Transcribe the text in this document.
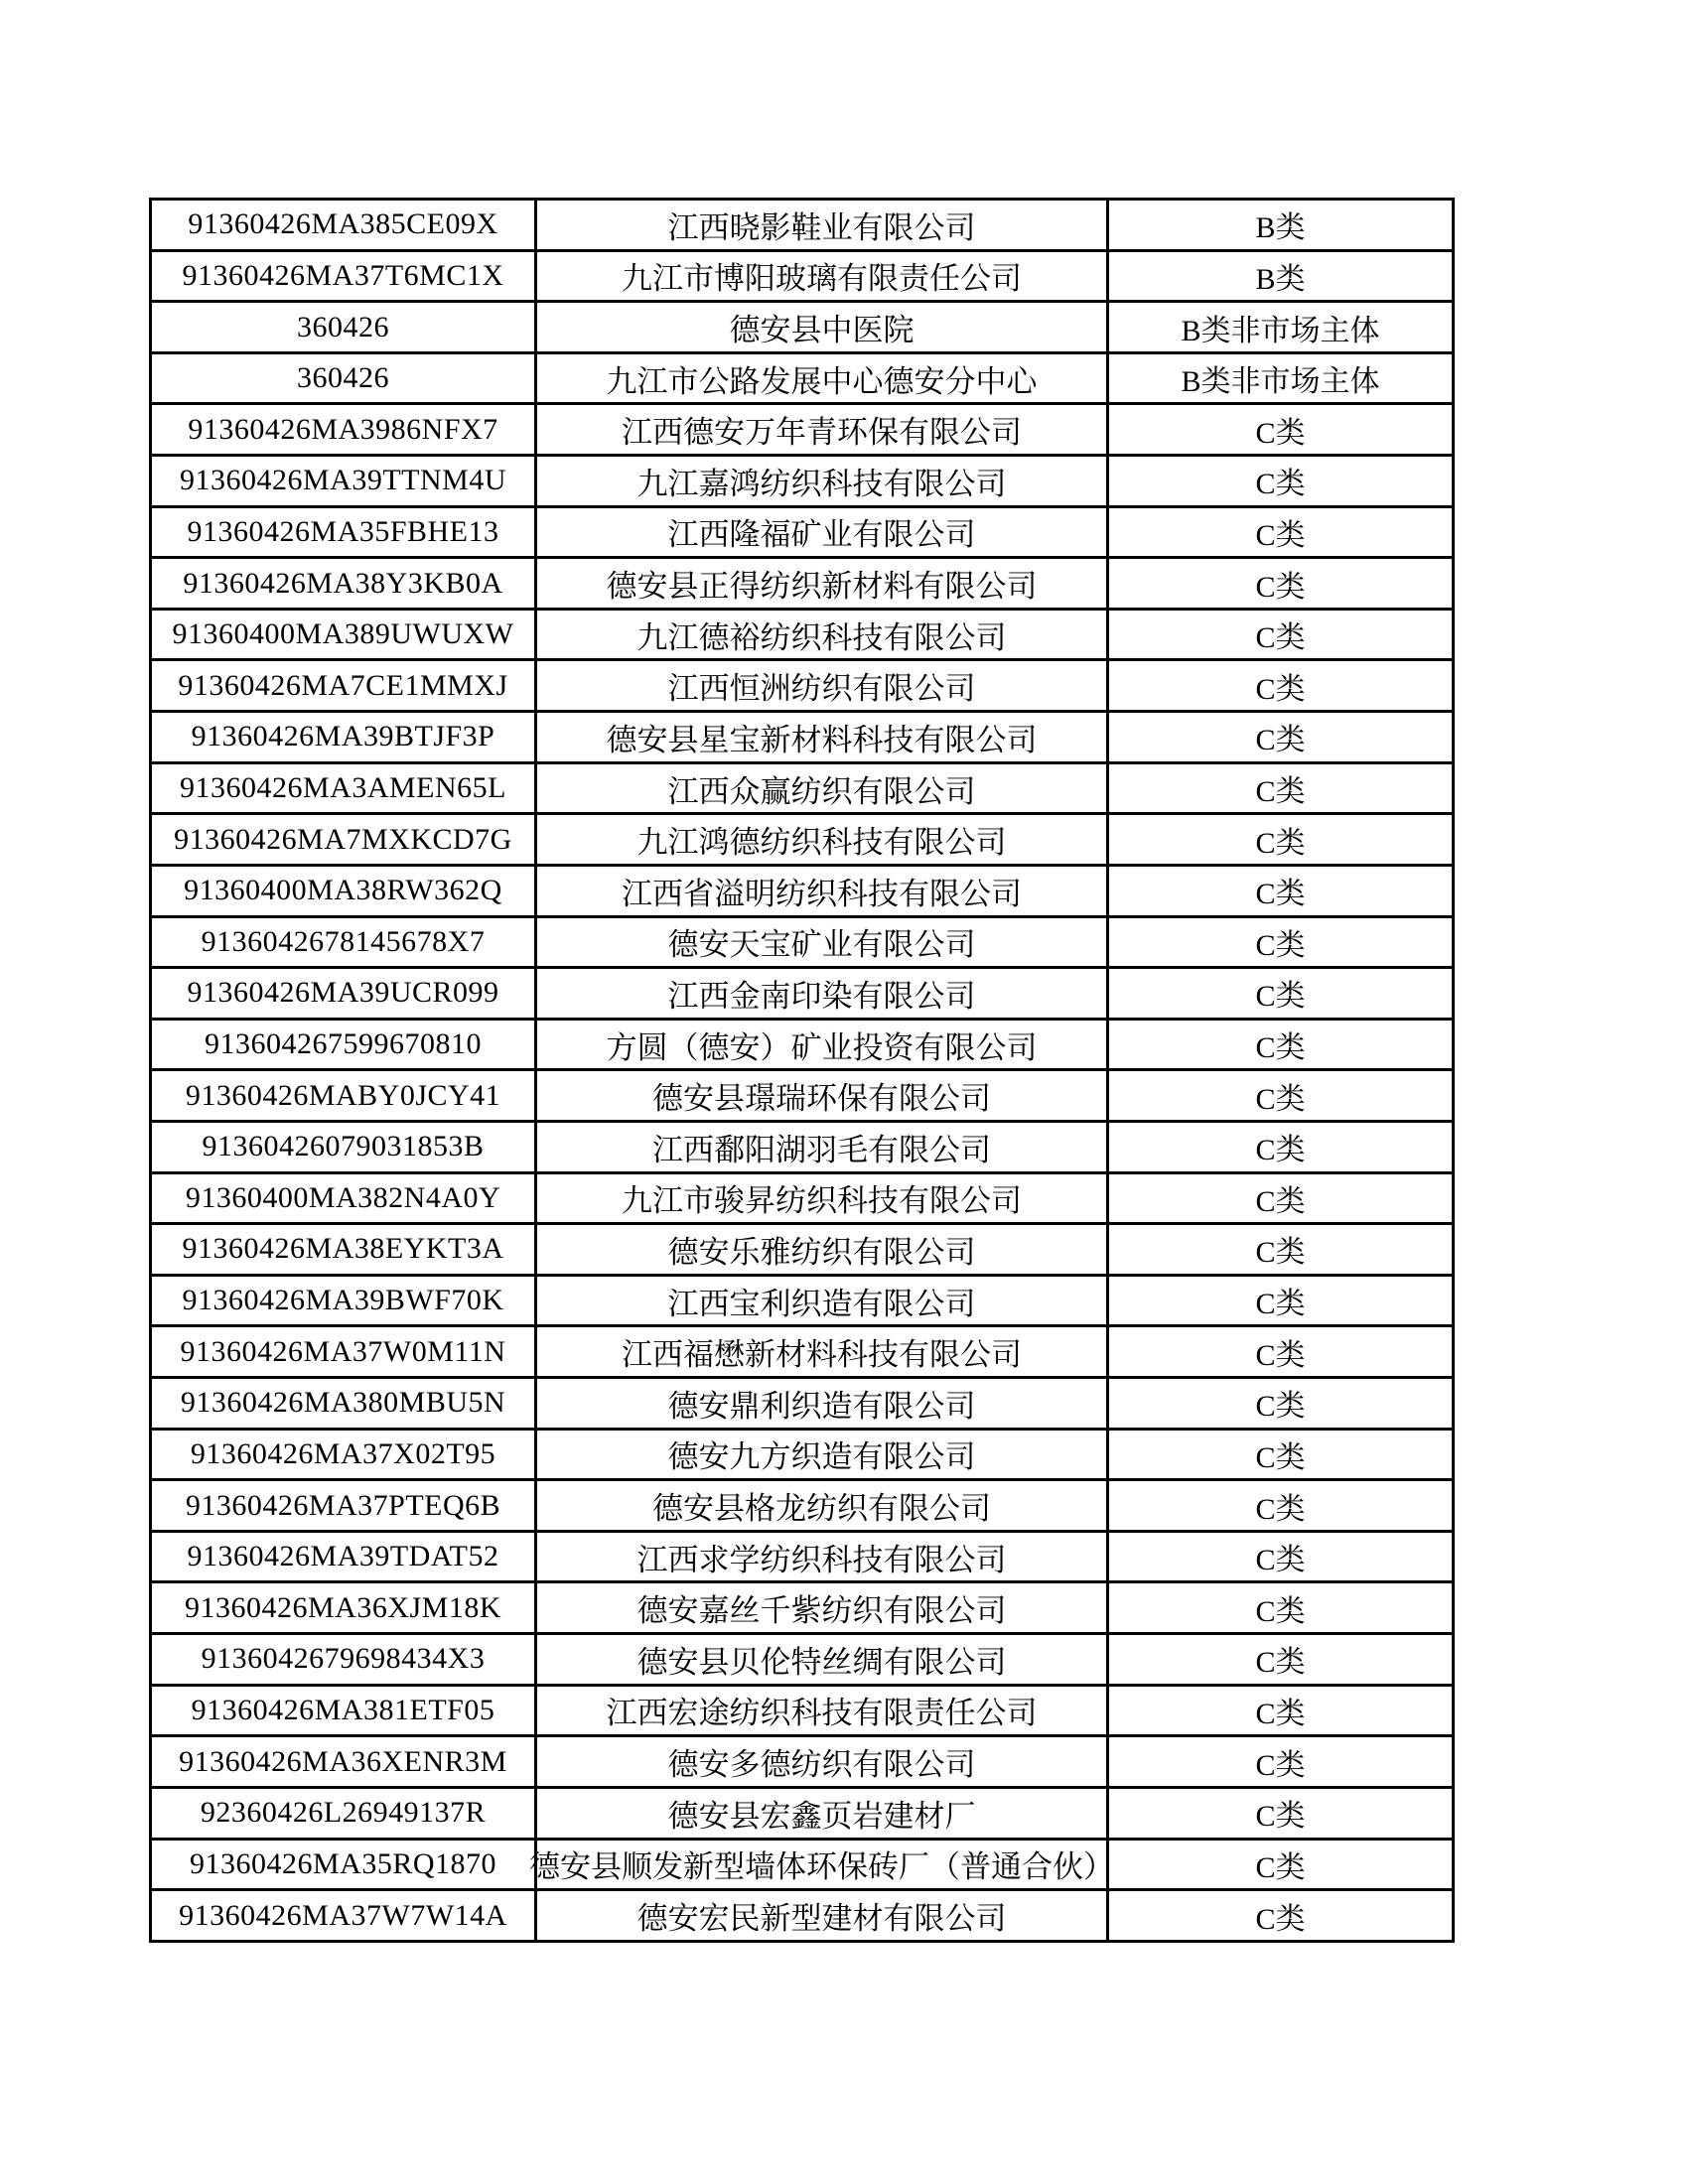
91360426MA385CE09X	江西晓影鞋业有限公司	B类
91360426MA37T6MC1X	九江市博阳玻璃有限责任公司	B类
360426	德安县中医院	B类非市场主体
360426	九江市公路发展中心德安分中心	B类非市场主体
91360426MA3986NFX7	江西德安万年青环保有限公司	C类
91360426MA39TTNM4U	九江嘉鸿纺织科技有限公司	C类
91360426MA35FBHE13	江西隆福矿业有限公司	C类
91360426MA38Y3KB0A	德安县正得纺织新材料有限公司	C类
91360400MA389UWUXW	九江德裕纺织科技有限公司	C类
91360426MA7CE1MMXJ	江西恒洲纺织有限公司	C类
91360426MA39BTJF3P	德安县星宝新材料科技有限公司	C类
91360426MA3AMEN65L	江西众赢纺织有限公司	C类
91360426MA7MXKCD7G	九江鸿德纺织科技有限公司	C类
91360400MA38RW362Q	江西省溢明纺织科技有限公司	C类
9136042678145678X7	德安天宝矿业有限公司	C类
91360426MA39UCR099	江西金南印染有限公司	C类
913604267599670810	方圆（德安）矿业投资有限公司	C类
91360426MABY0JCY41	德安县璟瑞环保有限公司	C类
91360426079031853B	江西鄱阳湖羽毛有限公司	C类
91360400MA382N4A0Y	九江市骏昇纺织科技有限公司	C类
91360426MA38EYKT3A	德安乐雅纺织有限公司	C类
91360426MA39BWF70K	江西宝利织造有限公司	C类
91360426MA37W0M11N	江西福懋新材料科技有限公司	C类
91360426MA380MBU5N	德安鼎利织造有限公司	C类
91360426MA37X02T95	德安九方织造有限公司	C类
91360426MA37PTEQ6B	德安县格龙纺织有限公司	C类
91360426MA39TDAT52	江西求学纺织科技有限公司	C类
91360426MA36XJM18K	德安嘉丝千紫纺织有限公司	C类
9136042679698434X3	德安县贝伦特丝绸有限公司	C类
91360426MA381ETF05	江西宏途纺织科技有限责任公司	C类
91360426MA36XENR3M	德安多德纺织有限公司	C类
92360426L26949137R	德安县宏鑫页岩建材厂	C类
91360426MA35RQ1870	德安县顺发新型墙体环保砖厂（普通合伙）	C类
91360426MA37W7W14A	德安宏民新型建材有限公司	C类
